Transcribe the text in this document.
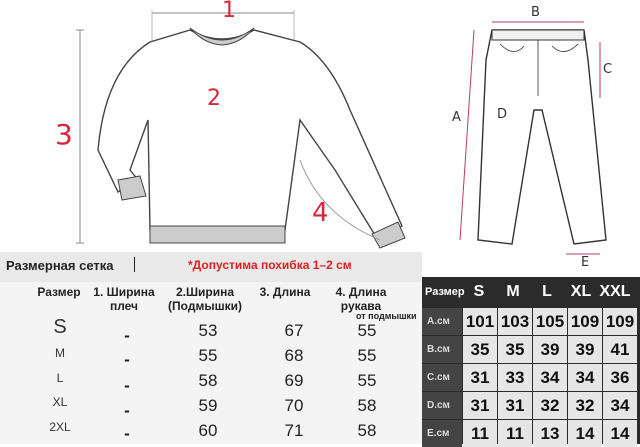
1
2
3
4
A
B
C
D
E
Размерная сетка	*Допустима похибка 1–2 см
Размер	1. Ширина плеч
2.Ширина (Подмышки)
3. Длина	4. Длина рукава
от подмышки
S	-	53	67	55
M	-	55	68	55
L	-	58	69	55
XL	-	59	70	58
2XL	-	60	71	58
Размер S	M	L	XL XXL
A.см 101 103 105 109 109
B.см	35 35 39 39 41
C.см	31 33 34 34 36
D.см	31 31 32 32 34
E.см	11	11 13 14 14
